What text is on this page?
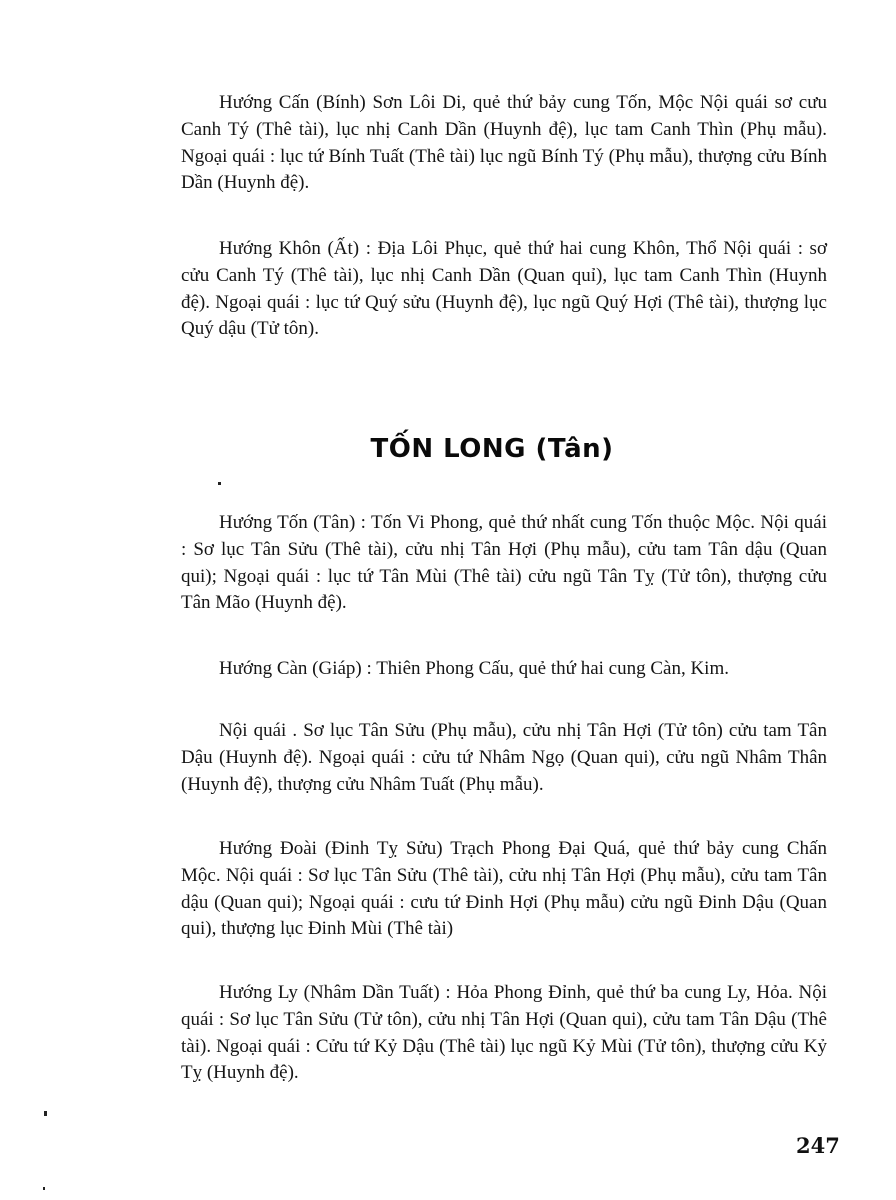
Hướng Cấn (Bính) Sơn Lôi Di, quẻ thứ bảy cung Tốn, Mộc Nội quái sơ cưu Canh Tý (Thê tài), lục nhị Canh Dần (Huynh đệ), lục tam Canh Thìn (Phụ mẫu). Ngoại quái : lục tứ Bính Tuất (Thê tài) lục ngũ Bính Tý (Phụ mẫu), thượng cửu Bính Dần (Huynh đệ).

Hướng Khôn (Ất) : Địa Lôi Phục, quẻ thứ hai cung Khôn, Thổ Nội quái : sơ cửu Canh Tý (Thê tài), lục nhị Canh Dần (Quan quỉ), lục tam Canh Thìn (Huynh đệ). Ngoại quái : lục tứ Quý sửu (Huynh đệ), lục ngũ Quý Hợi (Thê tài), thượng lục Quý dậu (Tử tôn).

TỐN LONG (Tân)

Hướng Tốn (Tân) : Tốn Vi Phong, quẻ thứ nhất cung Tốn thuộc Mộc. Nội quái : Sơ lục Tân Sửu (Thê tài), cửu nhị Tân Hợi (Phụ mẫu), cửu tam Tân dậu (Quan qui); Ngoại quái : lục tứ Tân Mùi (Thê tài) cửu ngũ Tân Tỵ (Tử tôn), thượng cửu Tân Mão (Huynh đệ).

Hướng Càn (Giáp) : Thiên Phong Cấu, quẻ thứ hai cung Càn, Kim.

Nội quái . Sơ lục Tân Sửu (Phụ mẫu), cửu nhị Tân Hợi (Tử tôn) cửu tam Tân Dậu (Huynh đệ). Ngoại quái : cửu tứ Nhâm Ngọ (Quan qui), cửu ngũ Nhâm Thân (Huynh đệ), thượng cửu Nhâm Tuất (Phụ mẫu).

Hướng Đoài (Đinh Tỵ Sửu) Trạch Phong Đại Quá, quẻ thứ bảy cung Chấn Mộc. Nội quái : Sơ lục Tân Sửu (Thê tài), cửu nhị Tân Hợi (Phụ mẫu), cửu tam Tân dậu (Quan qui); Ngoại quái : cưu tứ Đinh Hợi (Phụ mẫu) cửu ngũ Đinh Dậu (Quan qui), thượng lục Đinh Mùi (Thê tài)

Hướng Ly (Nhâm Dần Tuất) : Hỏa Phong Đỉnh, quẻ thứ ba cung Ly, Hỏa. Nội quái : Sơ lục Tân Sửu (Tử tôn), cửu nhị Tân Hợi (Quan qui), cửu tam Tân Dậu (Thê tài). Ngoại quái : Cửu tứ Kỷ Dậu (Thê tài) lục ngũ Kỷ Mùi (Tử tôn), thượng cửu Kỷ Tỵ (Huynh đệ).

247
